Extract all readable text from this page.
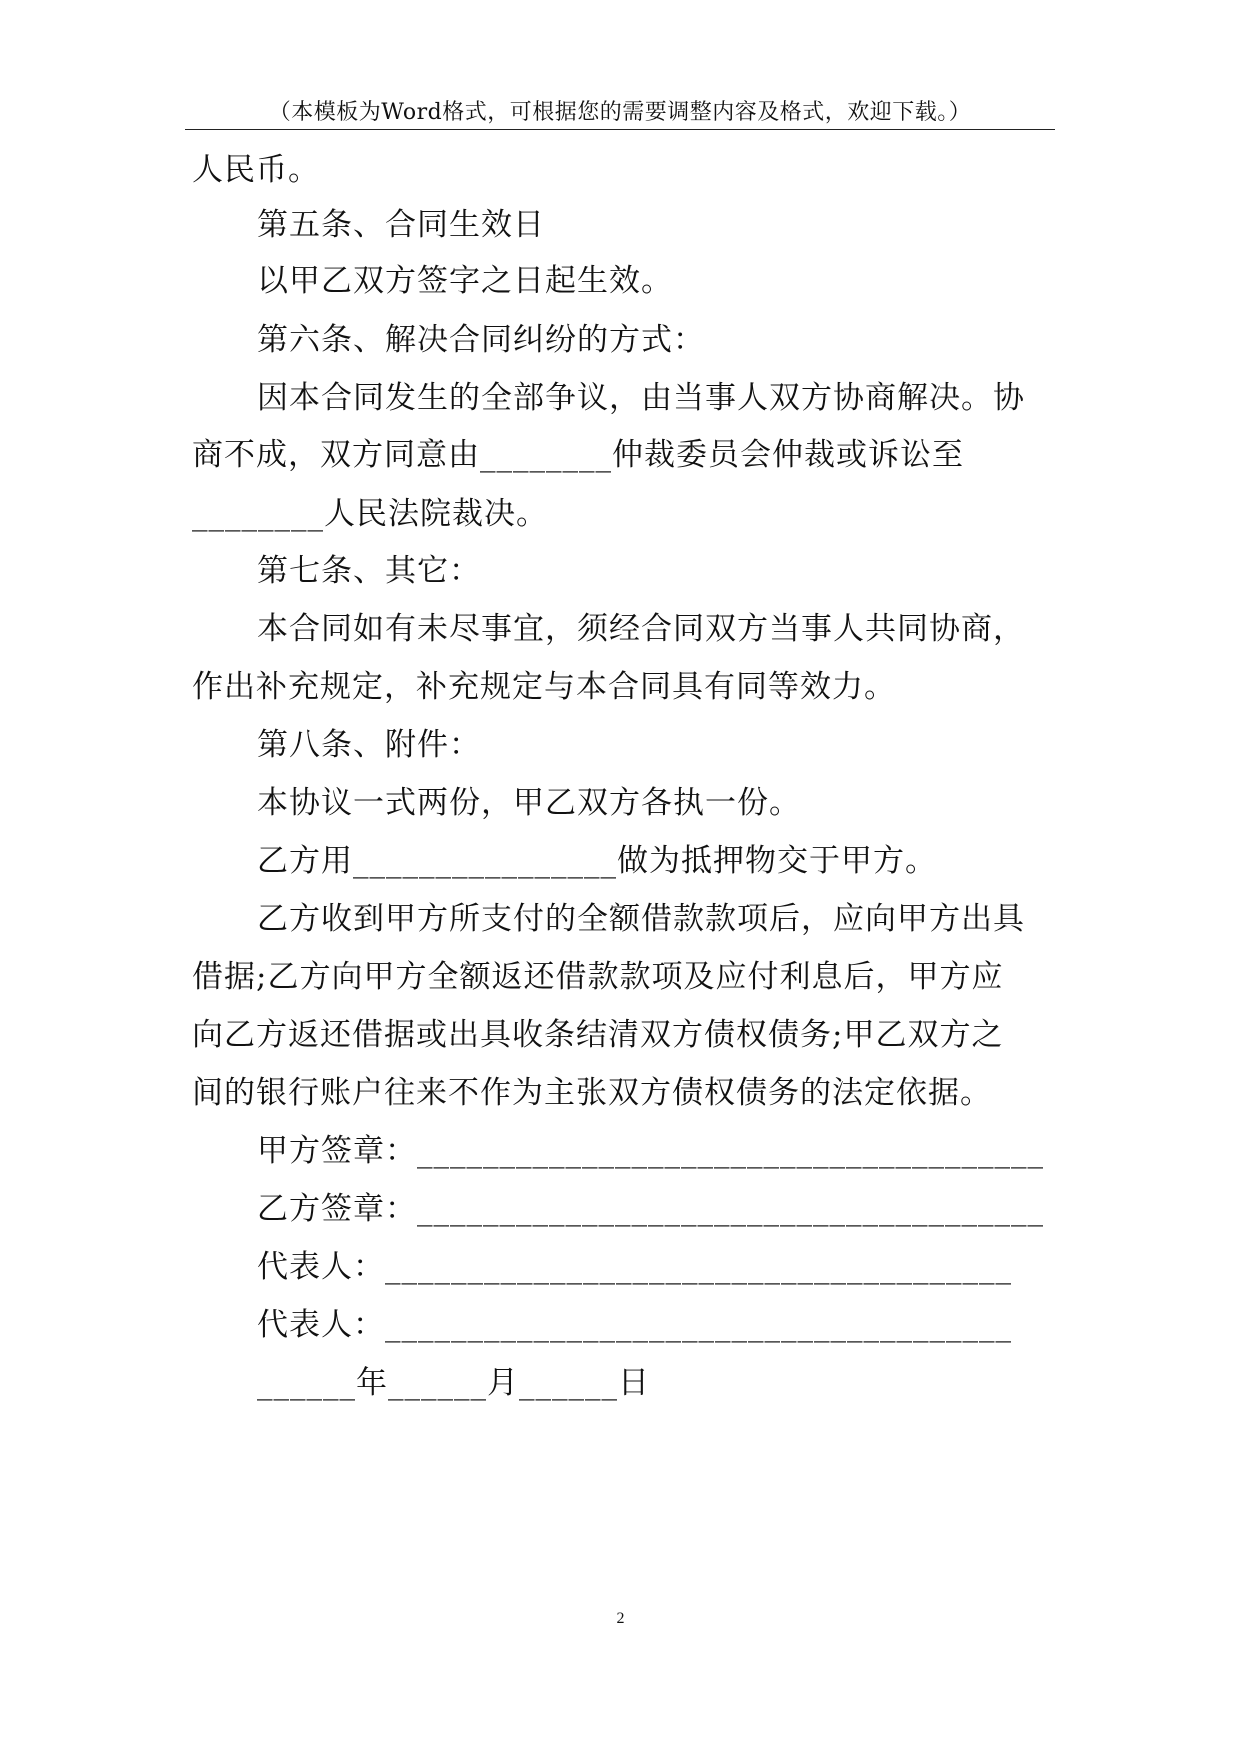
（本模板为Word格式，可根据您的需要调整内容及格式，欢迎下载。）
人民币。
第五条、合同生效日
以甲乙双方签字之日起生效。
第六条、解决合同纠纷的方式：
因本合同发生的全部争议，由当事人双方协商解决。协
商不成，双方同意由________仲裁委员会仲裁或诉讼至
________人民法院裁决。
第七条、其它：
本合同如有未尽事宜，须经合同双方当事人共同协商，
作出补充规定，补充规定与本合同具有同等效力。
第八条、附件：
本协议一式两份，甲乙双方各执一份。
乙方用________________做为抵押物交于甲方。
乙方收到甲方所支付的全额借款款项后，应向甲方出具
借据;乙方向甲方全额返还借款款项及应付利息后，甲方应
向乙方返还借据或出具收条结清双方债权债务;甲乙双方之
间的银行账户往来不作为主张双方债权债务的法定依据。
甲方签章：______________________________________
乙方签章：______________________________________
代表人：______________________________________
代表人：______________________________________
______年______月______日
2
